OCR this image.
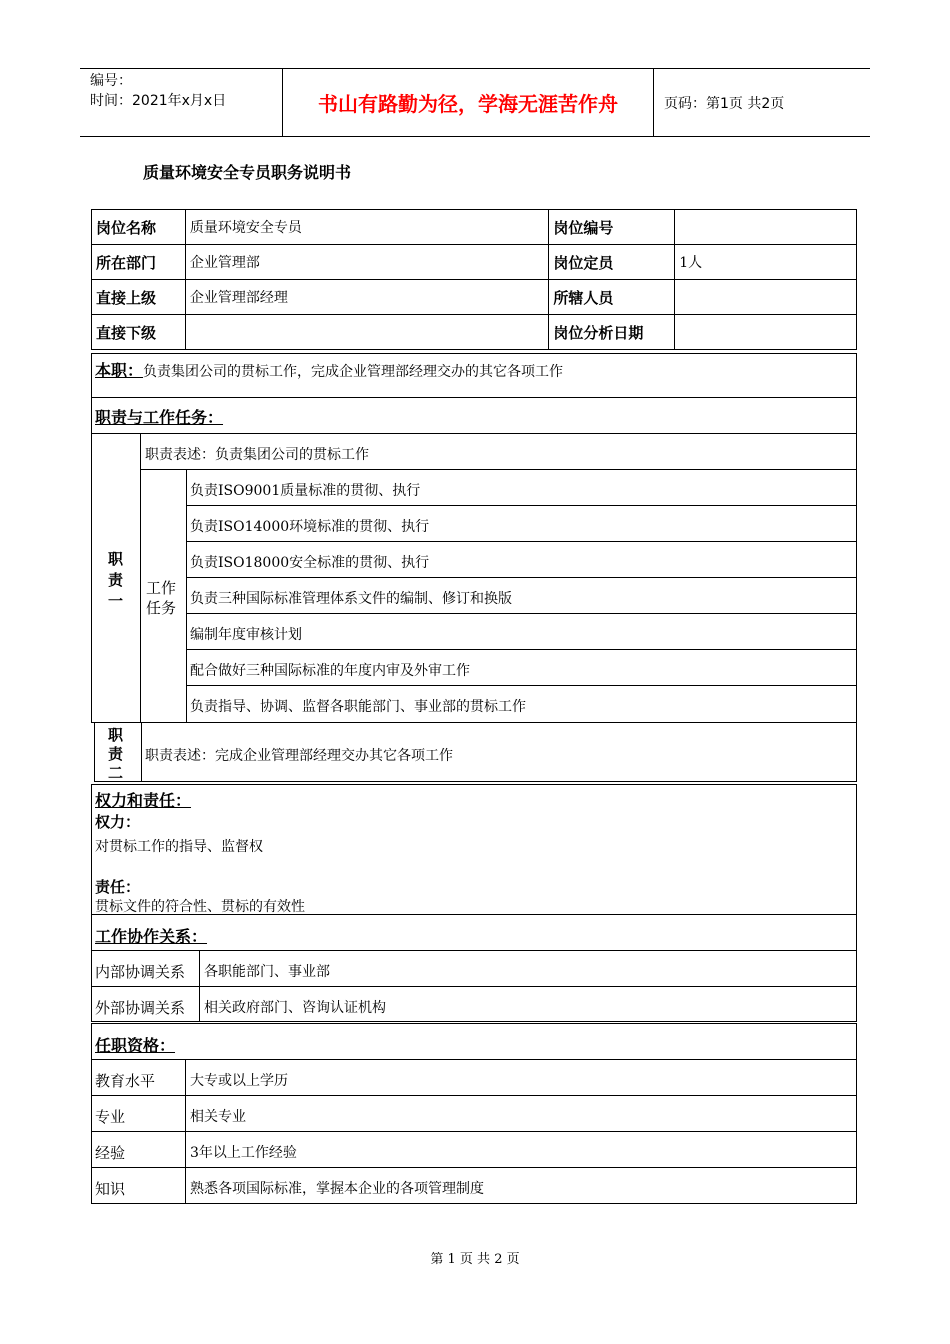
编号：
时间：2021年x月x日	书山有路勤为径，学海无涯苦作舟	页码：第1页 共2页
质量环境安全专员职务说明书
岗位名称	质量环境安全专员	岗位编号	
所在部门	企业管理部	岗位定员	1人
直接上级	企业管理部经理	所辖人员	
直接下级		岗位分析日期	
本职：负责集团公司的贯标工作，完成企业管理部经理交办的其它各项工作
职责与工作任务：
职
责
一
职责表述：负责集团公司的贯标工作
工作
任务
负责ISO9001质量标准的贯彻、执行
负责ISO14000环境标准的贯彻、执行
负责ISO18000安全标准的贯彻、执行
负责三种国际标准管理体系文件的编制、修订和换版
编制年度审核计划
配合做好三种国际标准的年度内审及外审工作
负责指导、协调、监督各职能部门、事业部的贯标工作
职
责
二
职责表述：完成企业管理部经理交办其它各项工作
权力和责任：
权力：
对贯标工作的指导、监督权
责任：
贯标文件的符合性、贯标的有效性
工作协作关系：
内部协调关系 各职能部门、事业部
外部协调关系 相关政府部门、咨询认证机构
任职资格：
教育水平 大专或以上学历
专业	相关专业
经验	3年以上工作经验
知识	熟悉各项国际标准，掌握本企业的各项管理制度
第 1 页 共 2 页
